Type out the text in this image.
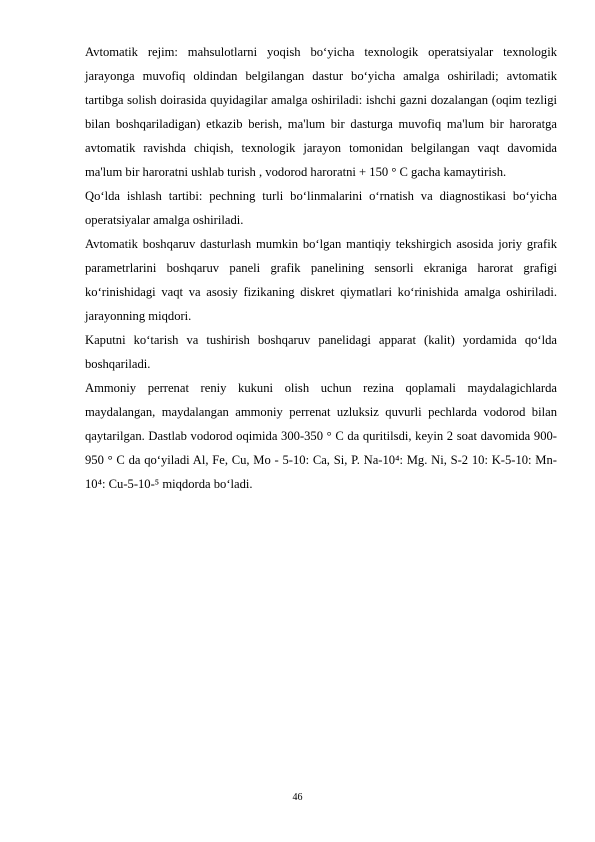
Avtomatik rejim: mahsulotlarni yoqish bo‘yicha texnologik operatsiyalar texnologik jarayonga muvofiq oldindan belgilangan dastur bo‘yicha amalga oshiriladi; avtomatik tartibga solish doirasida quyidagilar amalga oshiriladi: ishchi gazni dozalangan (oqim tezligi bilan boshqariladigan) etkazib berish, ma'lum bir dasturga muvofiq ma'lum bir haroratga avtomatik ravishda chiqish, texnologik jarayon tomonidan belgilangan vaqt davomida ma'lum bir haroratni ushlab turish , vodorod haroratni + 150 ° C gacha kamaytirish.

Qo‘lda ishlash tartibi: pechning turli bo‘linmalarini o‘rnatish va diagnostikasi bo‘yicha operatsiyalar amalga oshiriladi.

Avtomatik boshqaruv dasturlash mumkin bo‘lgan mantiqiy tekshirgich asosida joriy grafik parametrlarini boshqaruv paneli grafik panelining sensorli ekraniga harorat grafigi ko‘rinishidagi vaqt va asosiy fizikaning diskret qiymatlari ko‘rinishida amalga oshiriladi. jarayonning miqdori.

Kaputni ko‘tarish va tushirish boshqaruv panelidagi apparat (kalit) yordamida qo‘lda boshqariladi.

Ammoniy perrenat reniy kukuni olish uchun rezina qoplamali maydalagichlarda maydalangan, maydalangan ammoniy perrenat uzluksiz quvurli pechlarda vodorod bilan qaytarilgan. Dastlab vodorod oqimida 300-350 ° C da quritilsdi, keyin 2 soat davomida 900-950 ° C da qo‘yiladi Al, Fe, Cu, Mo - 5-10: Ca, Si, P. Na-10⁴: Mg. Ni, S-2 10: K-5-10: Mn-10⁴: Cu-5-10-⁵ miqdorda bo‘ladi.

46
